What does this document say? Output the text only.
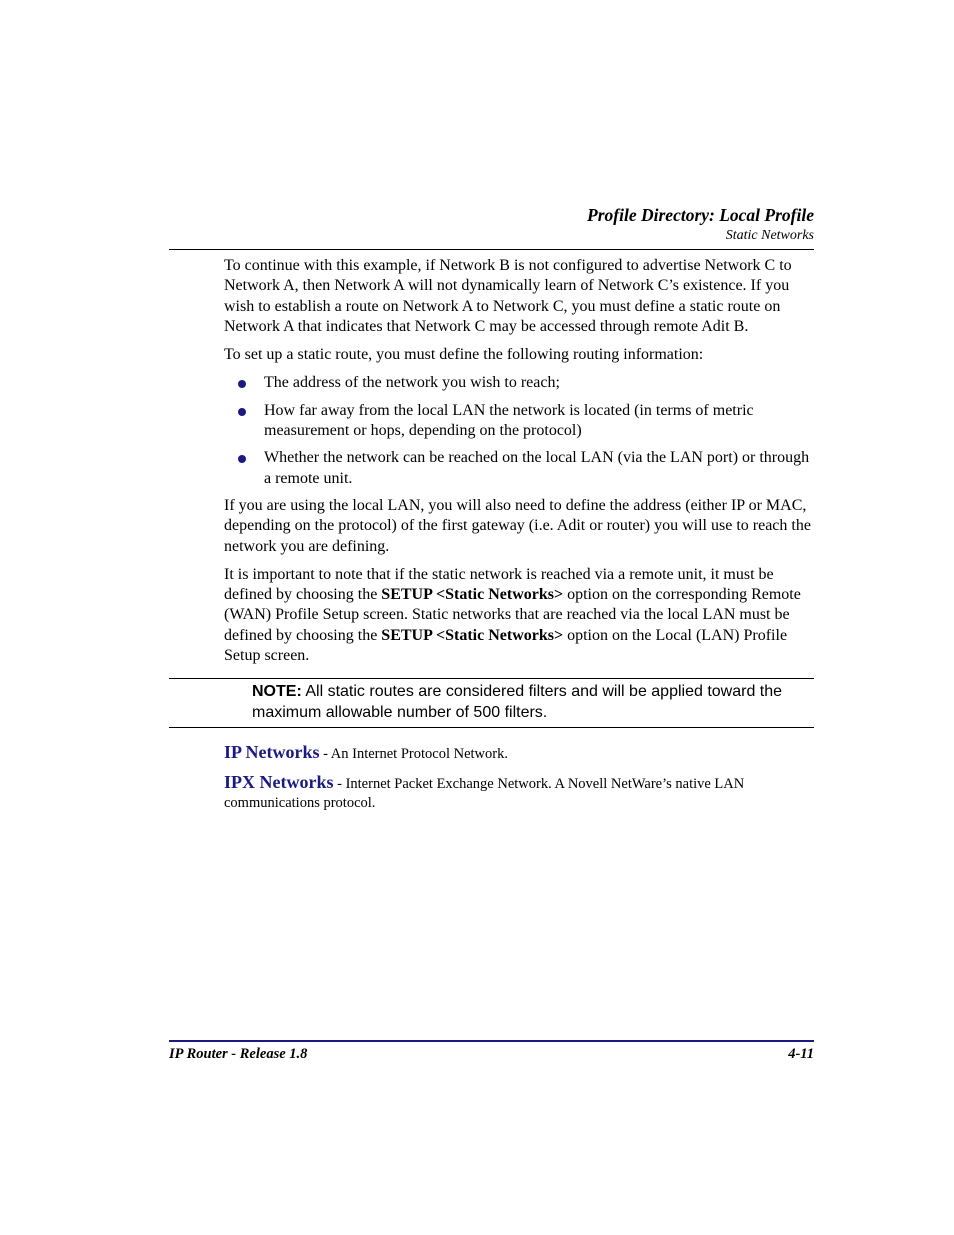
Profile Directory: Local Profile
Static Networks

To continue with this example, if Network B is not configured to advertise Network C to Network A, then Network A will not dynamically learn of Network C’s existence. If you wish to establish a route on Network A to Network C, you must define a static route on Network A that indicates that Network C may be accessed through remote Adit B.

To set up a static route, you must define the following routing information:

The address of the network you wish to reach;
How far away from the local LAN the network is located (in terms of metric measurement or hops, depending on the protocol)
Whether the network can be reached on the local LAN (via the LAN port) or through a remote unit.

If you are using the local LAN, you will also need to define the address (either IP or MAC, depending on the protocol) of the first gateway (i.e. Adit or router) you will use to reach the network you are defining.

It is important to note that if the static network is reached via a remote unit, it must be defined by choosing the SETUP <Static Networks> option on the corresponding Remote (WAN) Profile Setup screen. Static networks that are reached via the local LAN must be defined by choosing the SETUP <Static Networks> option on the Local (LAN) Profile Setup screen.

NOTE: All static routes are considered filters and will be applied toward the maximum allowable number of 500 filters.

IP Networks - An Internet Protocol Network.

IPX Networks - Internet Packet Exchange Network. A Novell NetWare’s native LAN communications protocol.

IP Router - Release 1.8	4-11
